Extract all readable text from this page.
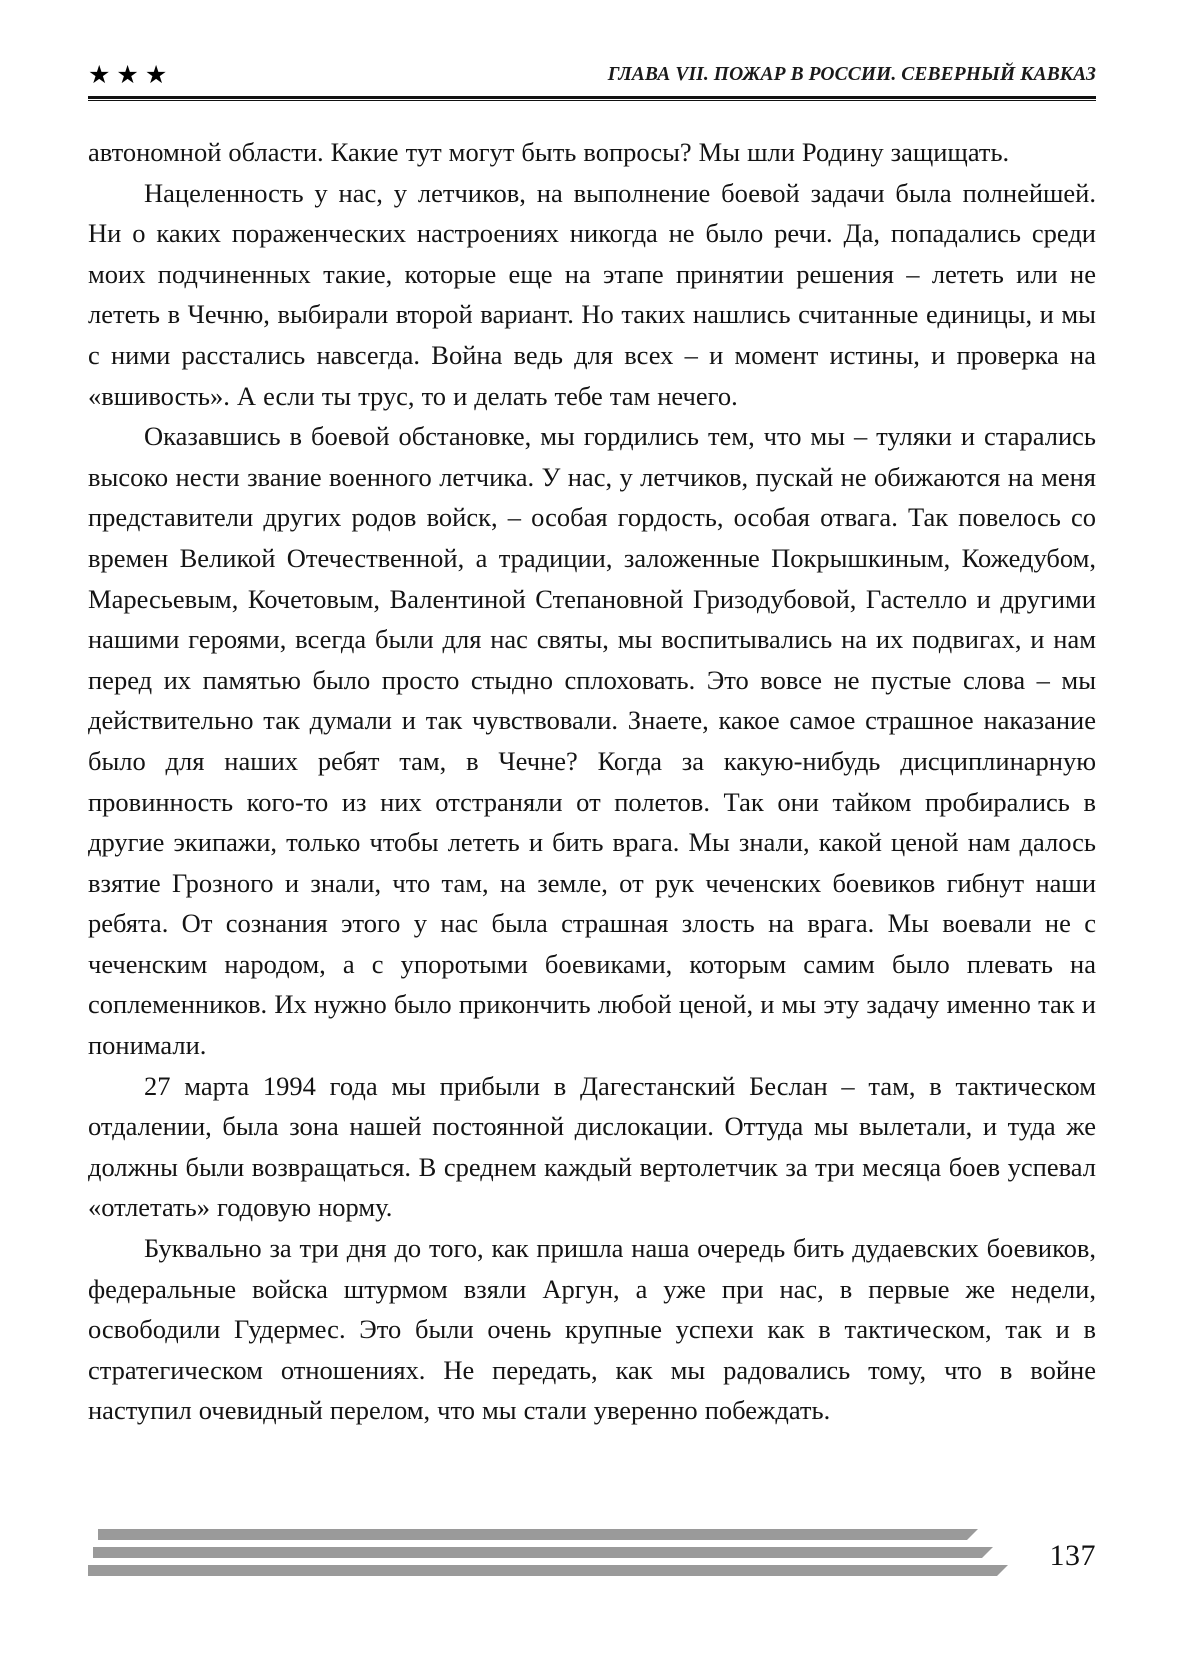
★ ★ ★	ГЛАВА VII. ПОЖАР В РОССИИ. СЕВЕРНЫЙ КАВКАЗ

автономной области. Какие тут могут быть вопросы? Мы шли Родину защищать.

Нацеленность у нас, у летчиков, на выполнение боевой задачи была полнейшей. Ни о каких пораженческих настроениях никогда не было речи. Да, попадались среди моих подчиненных такие, которые еще на этапе принятии решения – лететь или не лететь в Чечню, выбирали второй вариант. Но таких нашлись считанные единицы, и мы с ними расстались навсегда. Война ведь для всех – и момент истины, и проверка на «вшивость». А если ты трус, то и делать тебе там нечего.

Оказавшись в боевой обстановке, мы гордились тем, что мы – туляки и старались высоко нести звание военного летчика. У нас, у летчиков, пускай не обижаются на меня представители других родов войск, – особая гордость, особая отвага. Так повелось со времен Великой Отечественной, а традиции, заложенные Покрышкиным, Кожедубом, Маресьевым, Кочетовым, Валентиной Степановной Гризодубовой, Гастелло и другими нашими героями, всегда были для нас святы, мы воспитывались на их подвигах, и нам перед их памятью было просто стыдно сплоховать. Это вовсе не пустые слова – мы действительно так думали и так чувствовали. Знаете, какое самое страшное наказание было для наших ребят там, в Чечне? Когда за какую-нибудь дисциплинарную провинность кого-то из них отстраняли от полетов. Так они тайком пробирались в другие экипажи, только чтобы лететь и бить врага. Мы знали, какой ценой нам далось взятие Грозного и знали, что там, на земле, от рук чеченских боевиков гибнут наши ребята. От сознания этого у нас была страшная злость на врага. Мы воевали не с чеченским народом, а с упоротыми боевиками, которым самим было плевать на соплеменников. Их нужно было прикончить любой ценой, и мы эту задачу именно так и понимали.

27 марта 1994 года мы прибыли в Дагестанский Беслан – там, в тактическом отдалении, была зона нашей постоянной дислокации. Оттуда мы вылетали, и туда же должны были возвращаться. В среднем каждый вертолетчик за три месяца боев успевал «отлетать» годовую норму.

Буквально за три дня до того, как пришла наша очередь бить дудаевских боевиков, федеральные войска штурмом взяли Аргун, а уже при нас, в первые же недели, освободили Гудермес. Это были очень крупные успехи как в тактическом, так и в стратегическом отношениях. Не передать, как мы радовались тому, что в войне наступил очевидный перелом, что мы стали уверенно побеждать.

137
